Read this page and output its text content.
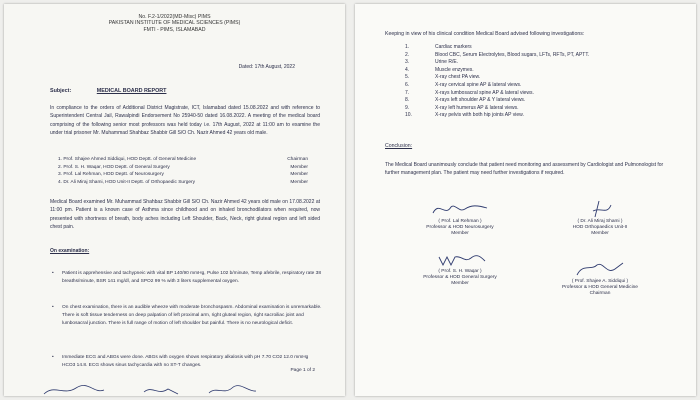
No. F.2-1/2022(MD-Misc) PIMS
PAKISTAN INSTITUTE OF MEDICAL SCIENCES (PIMS)
FMTI - PIMS, ISLAMABAD
Dated: 17th August, 2022
Subject:	MEDICAL BOARD REPORT
In compliance to the orders of Additional District Magistrate, ICT, Islamabad dated 15.08.2022 and with reference to Superintendent Central Jail, Rawalpindi Endorsement No 25940-50 dated 16.08.2022. A meeting of the medical board comprising of the following senior most professors was held today i.e. 17th August, 2022 at 11:00 am to examine the under trial prisoner Mr. Muhammad Shahbaz Shabbir Gill S/O Ch. Nazir Ahmed 42 years old male.
1. Prof. Shajee Ahmed Siddiqui, HOD Deptt. of General Medicine	Chairman
2. Prof. S. H. Waqar, HOD Deptt. of General Surgery	Member
3. Prof. Lal Rehman, HOD Deptt. of Neurosurgery	Member
4. Dr. Ali Miraj Shami, HOD Unit-II Deptt. of Orthopaedic Surgery	Member
Medical Board examined Mr. Muhammad Shahbaz Shabbir Gill S/O Ch. Nazir Ahmed 42 years old male on 17.08.2022 at 11:00 pm. Patient is a known case of Asthma since childhood and on inhaled bronchodilators when required, now presented with shortness of breath, body aches including Left Shoulder, Back, Neck, right gluteal region and left sided chest pain.
On examination:
•	Patient is apprehensive and tachypneic with vital BP 140/90 mmHg, Pulse 102 b/minute, Temp afebrile, respiratory rate 38 breaths/minute, BSR 141 mg/dl, and SPO2 99 % with 3 liters supplemental oxygen.
•	On chest examination, there is an audible wheeze with moderate bronchospasm. Abdominal examination is unremarkable. There is soft tissue tenderness on deep palpation of left proximal arm, right gluteal region, right sacroiliac joint and lumbosacral junction. There is full range of motion of left shoulder but painful. There is no neurological deficit.
•	Immediate ECG and ABGs were done. ABGs with oxygen shows respiratory alkalosis with pH 7.70 CO2 12.0 mmHg HCO3 14.8. ECG shows sinus tachycardia with no ST-T changes.
Page 1 of 2
Keeping in view of his clinical condition Medical Board advised following investigations:
1.	Cardiac markers
2.	Blood CBC, Serum Electrolytes, Blood sugars, LFTs, RFTs, PT, APTT.
3.	Urine R/E.
4.	Muscle enzymes.
5.	X-ray chest PA view.
6.	X-ray cervical spine AP & lateral views.
7.	X-rays lumbosacral spine AP & lateral views.
8.	X-rays left shoulder AP & Y lateral views.
9.	X-ray left humerus AP & lateral views.
10.	X-ray pelvis with both hip joints AP view.
Conclusion:
The Medical Board unanimously conclude that patient need monitoring and assessment by Cardiologist and Pulmonologist for further management plan. The patient may need further investigations if required.
( Prof. Lal Rehman )
Professor & HOD Neurosurgery
Member
( Dr. Ali Miraj Shami )
HOD Orthopaedics Unit-II
Member
( Prof. S. H. Waqar )
Professor & HOD General Surgery
Member	( Prof. Shajee A. Siddiqui )
Professor & HOD General Medicine
Chairman
